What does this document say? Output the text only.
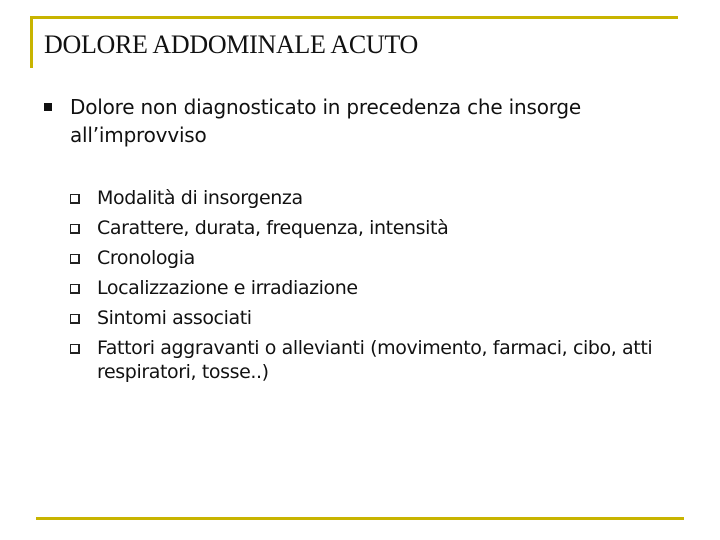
DOLORE ADDOMINALE ACUTO
Dolore non diagnosticato in precedenza che insorge all’improvviso
Modalità di insorgenza
Carattere, durata, frequenza, intensità
Cronologia
Localizzazione e irradiazione
Sintomi associati
Fattori aggravanti o allevianti (movimento, farmaci, cibo, atti respiratori, tosse..)
